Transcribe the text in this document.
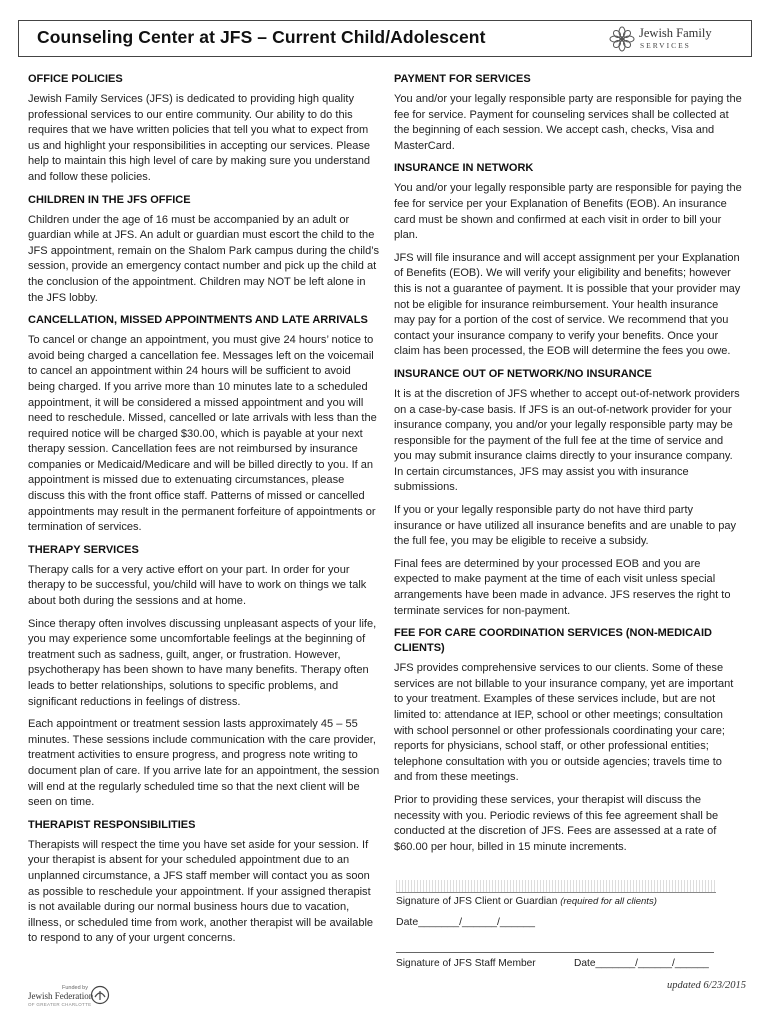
Counseling Center at JFS – Current Child/Adolescent	Jewish Family
SERVICES
OFFICE POLICIES

Jewish Family Services (JFS) is dedicated to providing high quality professional services to our entire community. Our ability to do this requires that we have written policies that tell you what to expect from us and highlight your responsibilities in accepting our services. Please help to maintain this high level of care by making sure you understand and follow these policies.

CHILDREN IN THE JFS OFFICE

Children under the age of 16 must be accompanied by an adult or guardian while at JFS. An adult or guardian must escort the child to the JFS appointment, remain on the Shalom Park campus during the child’s session, provide an emergency contact number and pick up the child at the conclusion of the appointment. Children may NOT be left alone in the JFS lobby.

CANCELLATION, MISSED APPOINTMENTS AND LATE ARRIVALS

To cancel or change an appointment, you must give 24 hours’ notice to avoid being charged a cancellation fee. Messages left on the voicemail to cancel an appointment within 24 hours will be sufficient to avoid being charged. If you arrive more than 10 minutes late to a scheduled appointment, it will be considered a missed appointment and you will need to reschedule. Missed, cancelled or late arrivals with less than the required notice will be charged $30.00, which is payable at your next therapy session. Cancellation fees are not reimbursed by insurance companies or Medicaid/Medicare and will be billed directly to you. If an appointment is missed due to extenuating circumstances, please discuss this with the front office staff. Patterns of missed or cancelled appointments may result in the permanent forfeiture of appointments or termination of services.

THERAPY SERVICES

Therapy calls for a very active effort on your part. In order for your therapy to be successful, you/child will have to work on things we talk about both during the sessions and at home.

Since therapy often involves discussing unpleasant aspects of your life, you may experience some uncomfortable feelings at the beginning of treatment such as sadness, guilt, anger, or frustration. However, psychotherapy has been shown to have many benefits. Therapy often leads to better relationships, solutions to specific problems, and significant reductions in feelings of distress.

Each appointment or treatment session lasts approximately 45 – 55 minutes. These sessions include communication with the care provider, treatment activities to ensure progress, and progress note writing to document plan of care. If you arrive late for an appointment, the session will end at the regularly scheduled time so that the next client will be seen on time.

THERAPIST RESPONSIBILITIES

Therapists will respect the time you have set aside for your session. If your therapist is absent for your scheduled appointment due to an unplanned circumstance, a JFS staff member will contact you as soon as possible to reschedule your appointment. If your assigned therapist is not available during our normal business hours due to vacation, illness, or scheduled time from work, another therapist will be available to respond to any of your urgent concerns.

PAYMENT FOR SERVICES

You and/or your legally responsible party are responsible for paying the fee for service. Payment for counseling services shall be collected at the beginning of each session. We accept cash, checks, Visa and MasterCard.

INSURANCE IN NETWORK

You and/or your legally responsible party are responsible for paying the fee for service per your Explanation of Benefits (EOB). An insurance card must be shown and confirmed at each visit in order to bill your plan.

JFS will file insurance and will accept assignment per your Explanation of Benefits (EOB). We will verify your eligibility and benefits; however this is not a guarantee of payment. It is possible that your provider may not be eligible for insurance reimbursement. Your health insurance may pay for a portion of the cost of service. We recommend that you contact your insurance company to verify your benefits. Once your claim has been processed, the EOB will determine the fees you owe.

INSURANCE OUT OF NETWORK/NO INSURANCE

It is at the discretion of JFS whether to accept out-of-network providers on a case-by-case basis. If JFS is an out-of-network provider for your insurance company, you and/or your legally responsible party may be responsible for the payment of the full fee at the time of service and you may submit insurance claims directly to your insurance company. In certain circumstances, JFS may assist you with insurance submissions.

If you or your legally responsible party do not have third party insurance or have utilized all insurance benefits and are unable to pay the full fee, you may be eligible to receive a subsidy.

Final fees are determined by your processed EOB and you are expected to make payment at the time of each visit unless special arrangements have been made in advance. JFS reserves the right to terminate services for non-payment.

FEE FOR CARE COORDINATION SERVICES (NON-MEDICAID CLIENTS)

JFS provides comprehensive services to our clients. Some of these services are not billable to your insurance company, yet are important to your treatment. Examples of these services include, but are not limited to: attendance at IEP, school or other meetings; consultation with school personnel or other professionals coordinating your care; reports for physicians, school staff, or other professional entities; telephone consultation with you or outside agencies; travels time to and from these meetings.

Prior to providing these services, your therapist will discuss the necessity with you. Periodic reviews of this fee agreement shall be conducted at the discretion of JFS. Fees are assessed at a rate of $60.00 per hour, billed in 15 minute increments.

Signature of JFS Client or Guardian (required for all clients)
Date_______/______/______
Signature of JFS Staff Member	Date_______/______/______
Funded by
Jewish Federation
OF GREATER CHARLOTTE
updated 6/23/2015
